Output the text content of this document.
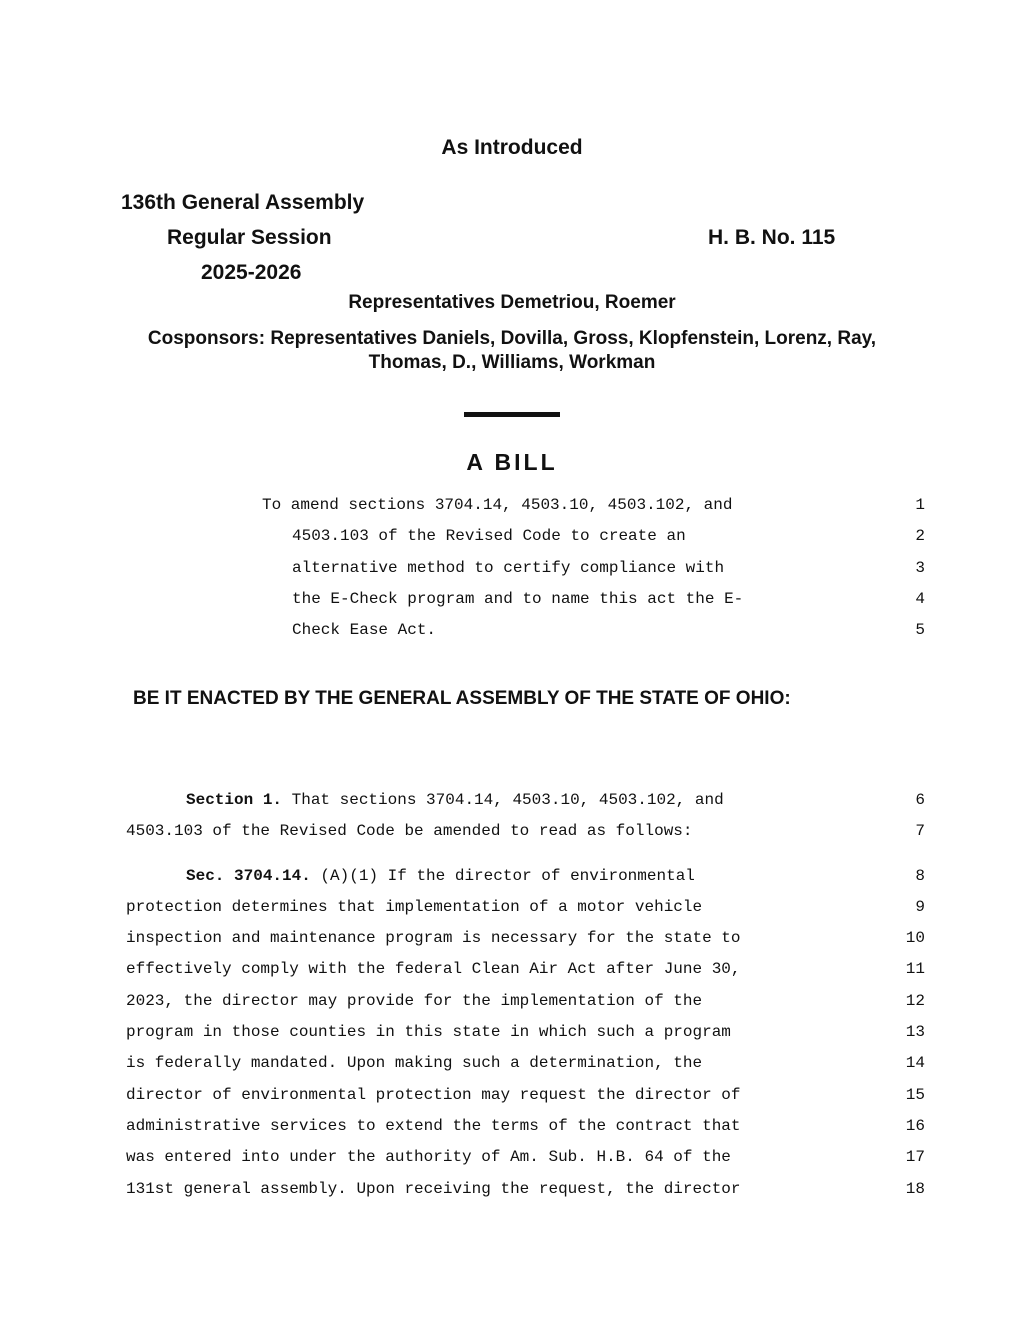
As Introduced
136th General Assembly
Regular Session	H. B. No. 115
2025-2026
Representatives Demetriou, Roemer
Cosponsors: Representatives Daniels, Dovilla, Gross, Klopfenstein, Lorenz, Ray, Thomas, D., Williams, Workman
A BILL
To amend sections 3704.14, 4503.10, 4503.102, and	1
4503.103 of the Revised Code to create an	2
alternative method to certify compliance with	3
the E-Check program and to name this act the E-	4
Check Ease Act.	5
BE IT ENACTED BY THE GENERAL ASSEMBLY OF THE STATE OF OHIO:
Section 1. That sections 3704.14, 4503.10, 4503.102, and	6
4503.103 of the Revised Code be amended to read as follows:	7
Sec. 3704.14. (A)(1) If the director of environmental	8
protection determines that implementation of a motor vehicle	9
inspection and maintenance program is necessary for the state to	10
effectively comply with the federal Clean Air Act after June 30,	11
2023, the director may provide for the implementation of the	12
program in those counties in this state in which such a program	13
is federally mandated. Upon making such a determination, the	14
director of environmental protection may request the director of	15
administrative services to extend the terms of the contract that	16
was entered into under the authority of Am. Sub. H.B. 64 of the	17
131st general assembly. Upon receiving the request, the director	18
